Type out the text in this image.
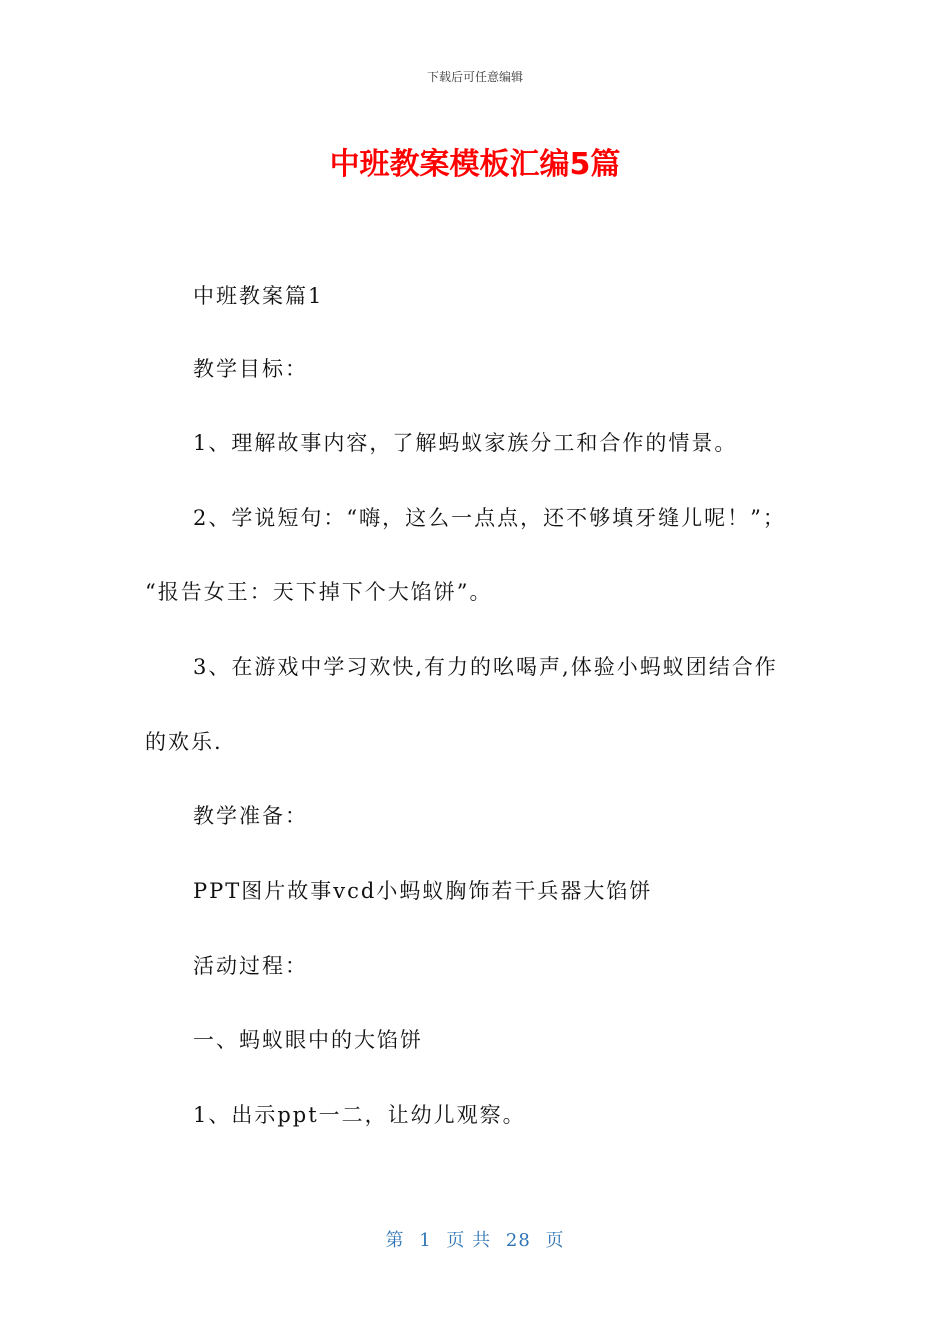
下载后可任意编辑
中班教案模板汇编5篇
中班教案篇1
教学目标：
1、理解故事内容，了解蚂蚁家族分工和合作的情景。
2、学说短句：“嗨，这么一点点，还不够填牙缝儿呢！”；
“报告女王：天下掉下个大馅饼”。
3、在游戏中学习欢快,有力的吆喝声,体验小蚂蚁团结合作
的欢乐.
教学准备：
PPT图片故事vcd小蚂蚁胸饰若干兵器大馅饼
活动过程：
一、蚂蚁眼中的大馅饼
1、出示ppt一二，让幼儿观察。
第 1 页 共 28 页
